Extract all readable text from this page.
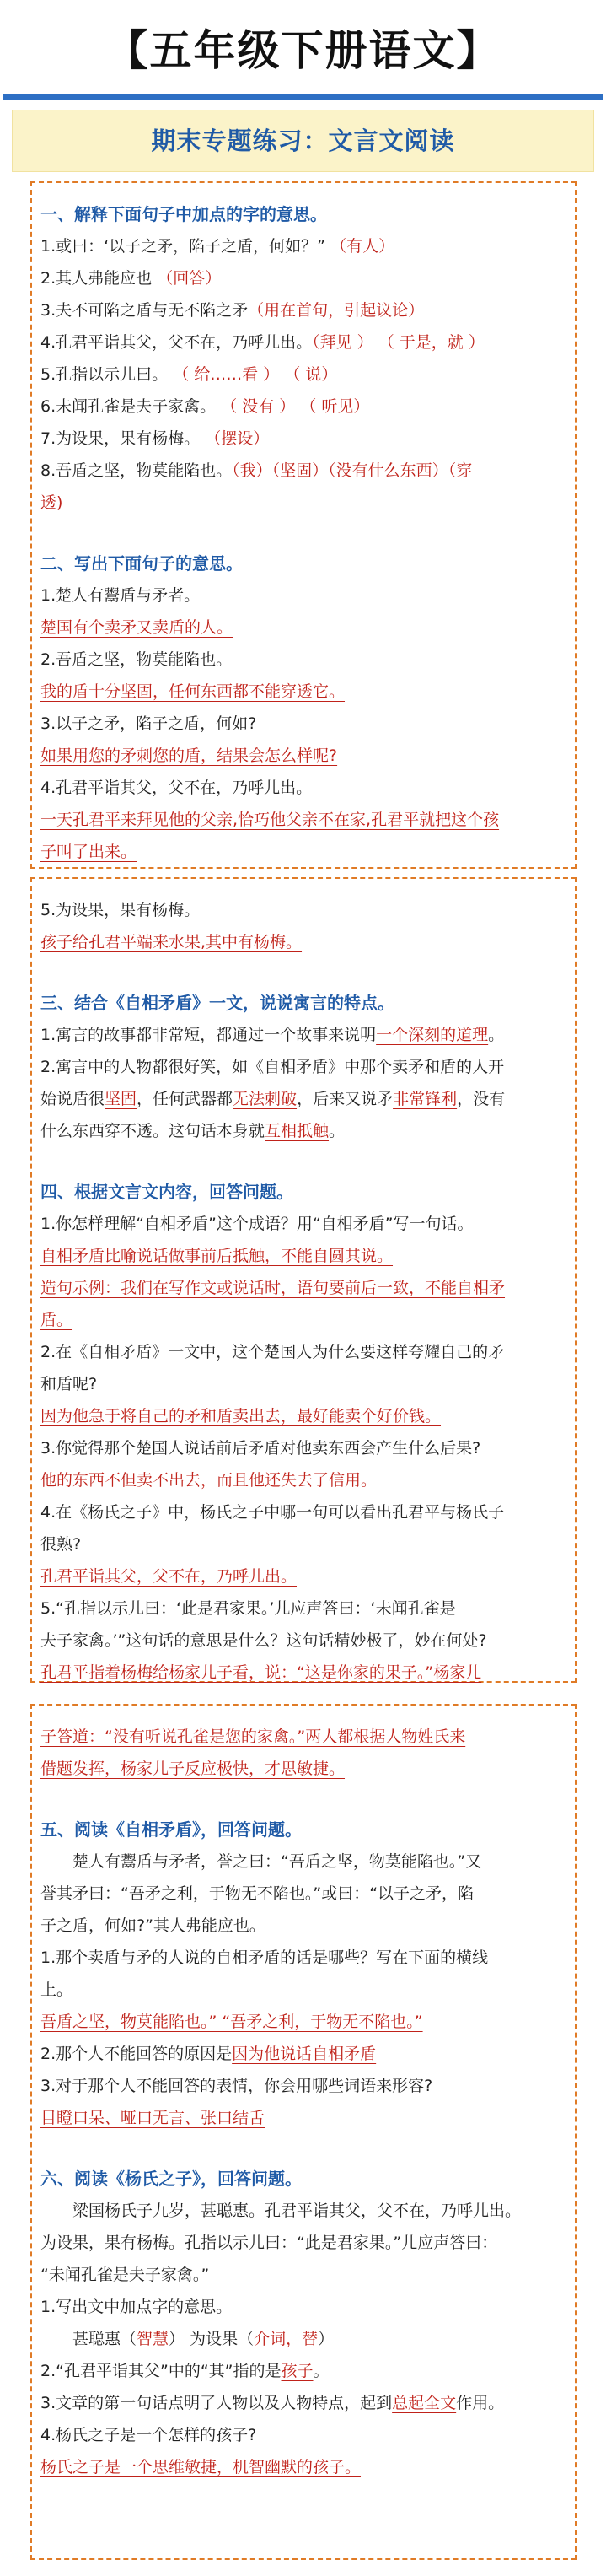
【五年级下册语文】
期末专题练习：文言文阅读
一、解释下面句子中加点的字的意思。
1.或曰：‘以子之矛，陷子之盾，何如？” （有人）
2.其人弗能应也 （回答）
3.夫不可陷之盾与无不陷之矛（用在首句，引起议论）
4.孔君平诣其父，父不在，乃呼儿出。（拜见 ） （ 于是，就 ）
5.孔指以示儿曰。 （ 给……看 ） （ 说）
6.未闻孔雀是夫子家禽。 （ 没有 ） （ 听见）
7.为设果，果有杨梅。 （摆设）
8.吾盾之坚，物莫能陷也。（我）（坚固）（没有什么东西）（穿
透)
二、写出下面句子的意思。
1.楚人有鬻盾与矛者。
楚国有个卖矛又卖盾的人。
2.吾盾之坚，物莫能陷也。
我的盾十分坚固，任何东西都不能穿透它。
3.以子之矛，陷子之盾，何如?
如果用您的矛刺您的盾，结果会怎么样呢?
4.孔君平诣其父，父不在，乃呼儿出。
一天孔君平来拜见他的父亲,恰巧他父亲不在家,孔君平就把这个孩
子叫了出来。
5.为设果，果有杨梅。
孩子给孔君平端来水果,其中有杨梅。
三、结合《自相矛盾》一文，说说寓言的特点。
1.寓言的故事都非常短，都通过一个故事来说明一个深刻的道理。
2.寓言中的人物都很好笑，如《自相矛盾》中那个卖矛和盾的人开
始说盾很坚固，任何武器都无法刺破，后来又说矛非常锋利，没有
什么东西穿不透。这句话本身就互相抵触。
四、根据文言文内容，回答问题。
1.你怎样理解“自相矛盾”这个成语？用“自相矛盾”写一句话。
自相矛盾比喻说话做事前后抵触，不能自圆其说。
造句示例：我们在写作文或说话时，语句要前后一致，不能自相矛
盾。
2.在《自相矛盾》一文中，这个楚国人为什么要这样夸耀自己的矛
和盾呢?
因为他急于将自己的矛和盾卖出去，最好能卖个好价钱。
3.你觉得那个楚国人说话前后矛盾对他卖东西会产生什么后果?
他的东西不但卖不出去，而且他还失去了信用。
4.在《杨氏之子》中，杨氏之子中哪一句可以看出孔君平与杨氏子
很熟?
孔君平诣其父，父不在，乃呼儿出。
5.“孔指以示儿曰：‘此是君家果。’儿应声答曰：‘未闻孔雀是
夫子家禽。’”这句话的意思是什么？这句话精妙极了，妙在何处?
孔君平指着杨梅给杨家儿子看，说：“这是你家的果子。”杨家儿
子答道：“没有听说孔雀是您的家禽。”两人都根据人物姓氏来
借题发挥，杨家儿子反应极快，才思敏捷。
五、阅读《自相矛盾》，回答问题。
楚人有鬻盾与矛者，誉之曰：“吾盾之坚，物莫能陷也。”又
誉其矛曰：“吾矛之利，于物无不陷也。”或曰：“以子之矛，陷
子之盾，何如?”其人弗能应也。
1.那个卖盾与矛的人说的自相矛盾的话是哪些？写在下面的横线
上。
吾盾之坚，物莫能陷也。” “吾矛之利，于物无不陷也。”
2.那个人不能回答的原因是因为他说话自相矛盾
3.对于那个人不能回答的表情，你会用哪些词语来形容?
目瞪口呆、哑口无言、张口结舌
六、阅读《杨氏之子》，回答问题。
梁国杨氏子九岁，甚聪惠。孔君平诣其父，父不在，乃呼儿出。
为设果，果有杨梅。孔指以示儿曰：“此是君家果。”儿应声答曰：
“未闻孔雀是夫子家禽。”
1.写出文中加点字的意思。
甚聪惠（智慧） 为设果（介词，替）
2.“孔君平诣其父”中的“其”指的是孩子。
3.文章的第一句话点明了人物以及人物特点，起到总起全文作用。
4.杨氏之子是一个怎样的孩子?
杨氏之子是一个思维敏捷，机智幽默的孩子。
